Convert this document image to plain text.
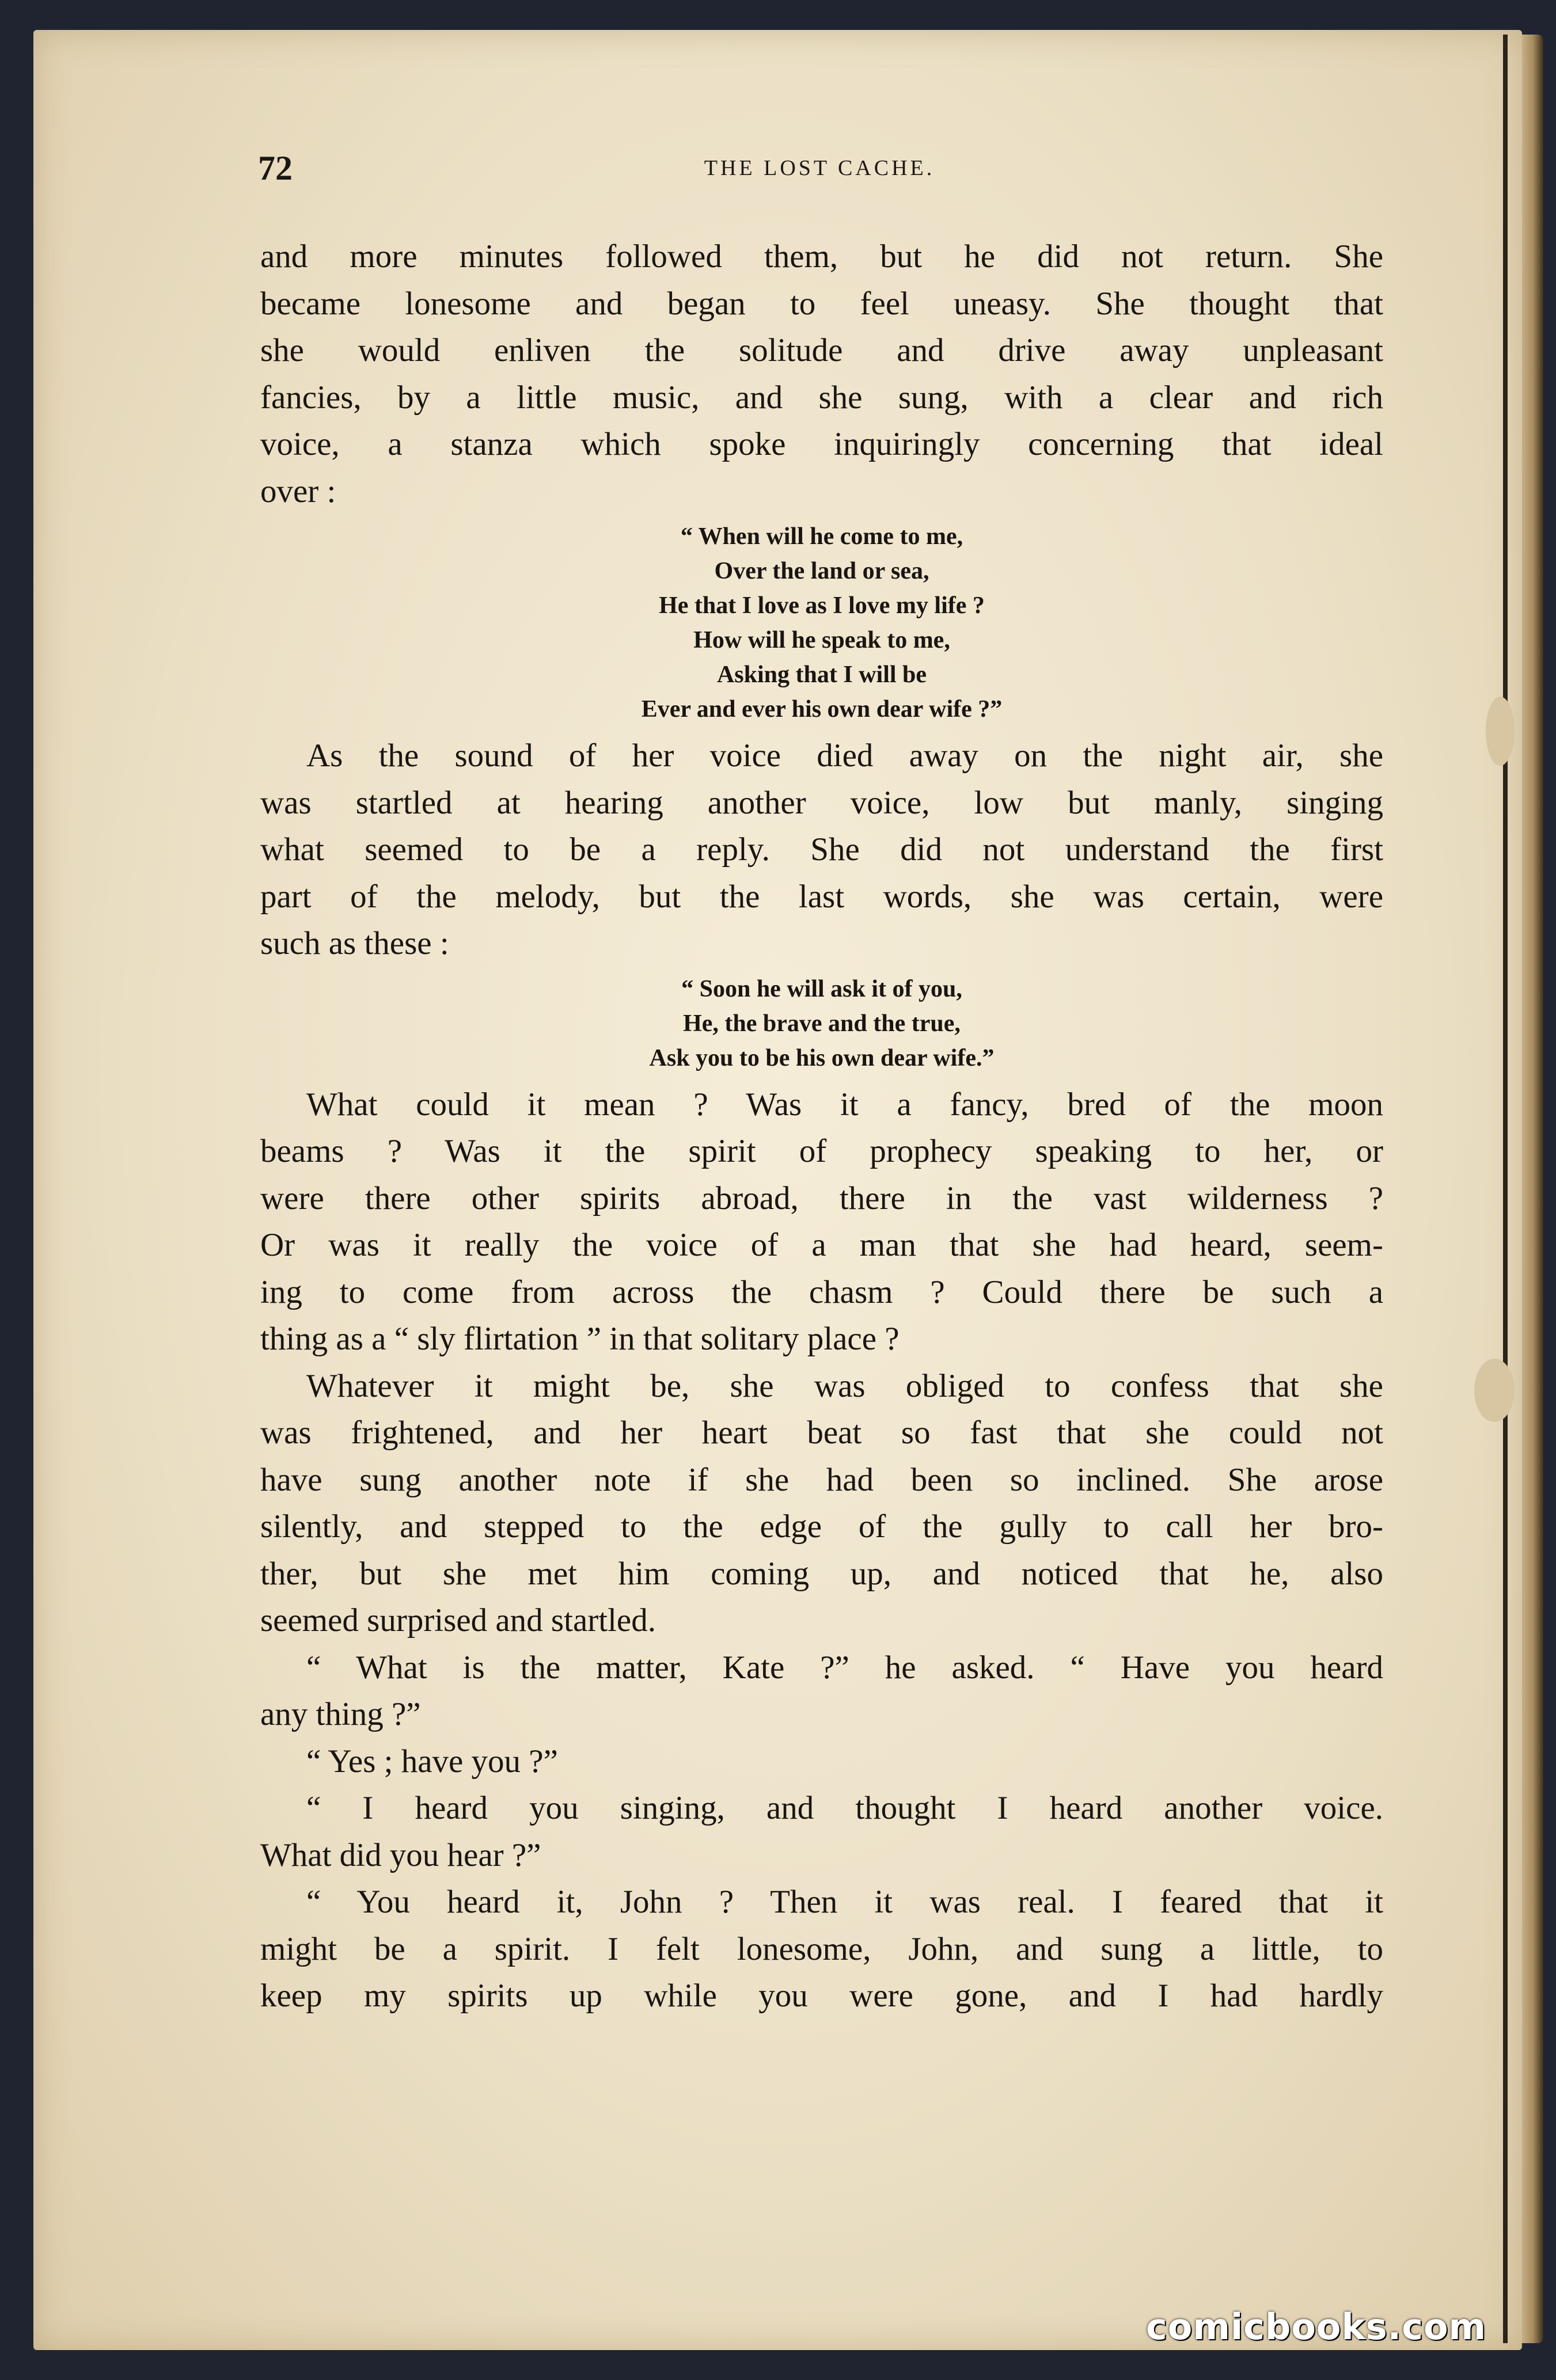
72	THE LOST CACHE.
and more minutes followed them, but he did not return. She
became lonesome and began to feel uneasy. She thought that
she would enliven the solitude and drive away unpleasant
fancies, by a little music, and she sung, with a clear and rich
voice, a stanza which spoke inquiringly concerning that ideal
over :
“ When will he come to me,
Over the land or sea,
He that I love as I love my life ?
How will he speak to me,
Asking that I will be
Ever and ever his own dear wife ?”
As the sound of her voice died away on the night air, she
was startled at hearing another voice, low but manly, singing
what seemed to be a reply. She did not understand the first
part of the melody, but the last words, she was certain, were
such as these :
“ Soon he will ask it of you,
He, the brave and the true,
Ask you to be his own dear wife.”
What could it mean ? Was it a fancy, bred of the moon
beams ? Was it the spirit of prophecy speaking to her, or
were there other spirits abroad, there in the vast wilderness ?
Or was it really the voice of a man that she had heard, seem-
ing to come from across the chasm ? Could there be such a
thing as a “ sly flirtation ” in that solitary place ?
Whatever it might be, she was obliged to confess that she
was frightened, and her heart beat so fast that she could not
have sung another note if she had been so inclined. She arose
silently, and stepped to the edge of the gully to call her bro-
ther, but she met him coming up, and noticed that he, also
seemed surprised and startled.
“ What is the matter, Kate ?” he asked. “ Have you heard
any thing ?”
“ Yes ; have you ?”
“ I heard you singing, and thought I heard another voice.
What did you hear ?”
“ You heard it, John ? Then it was real. I feared that it
might be a spirit. I felt lonesome, John, and sung a little, to
keep my spirits up while you were gone, and I had hardly
comicbooks.com
